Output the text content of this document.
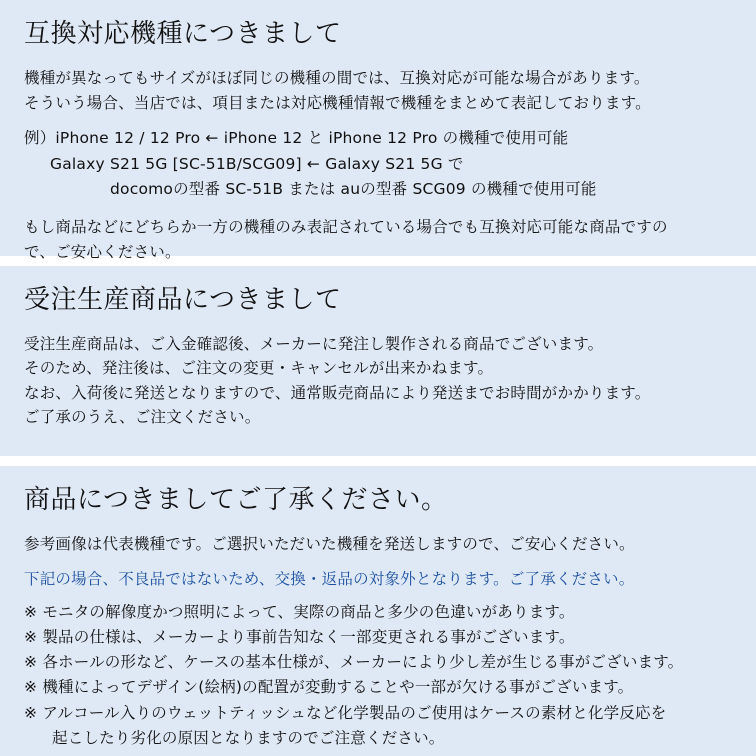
互換対応機種につきまして
機種が異なってもサイズがほぼ同じの機種の間では、互換対応が可能な場合があります。
そういう場合、当店では、項目または対応機種情報で機種をまとめて表記しております。
例）iPhone 12 / 12 Pro ← iPhone 12 と iPhone 12 Pro の機種で使用可能
Galaxy S21 5G [SC-51B/SCG09] ← Galaxy S21 5G で
docomoの型番 SC-51B または auの型番 SCG09 の機種で使用可能
もし商品などにどちらか一方の機種のみ表記されている場合でも互換対応可能な商品ですの
で、ご安心ください。
受注生産商品につきまして
受注生産商品は、ご入金確認後、メーカーに発注し製作される商品でございます。
そのため、発注後は、ご注文の変更・キャンセルが出来かねます。
なお、入荷後に発送となりますので、通常販売商品により発送までお時間がかかります。
ご了承のうえ、ご注文ください。
商品につきましてご了承ください。
参考画像は代表機種です。ご選択いただいた機種を発送しますので、ご安心ください。
下記の場合、不良品ではないため、交換・返品の対象外となります。ご了承ください。
※ モニタの解像度かつ照明によって、実際の商品と多少の色違いがあります。
※ 製品の仕様は、メーカーより事前告知なく一部変更される事がございます。
※ 各ホールの形など、ケースの基本仕様が、メーカーにより少し差が生じる事がございます。
※ 機種によってデザイン(絵柄)の配置が変動することや一部が欠ける事がございます。
※ アルコール入りのウェットティッシュなど化学製品のご使用はケースの素材と化学反応を
起こしたり劣化の原因となりますのでご注意ください。
